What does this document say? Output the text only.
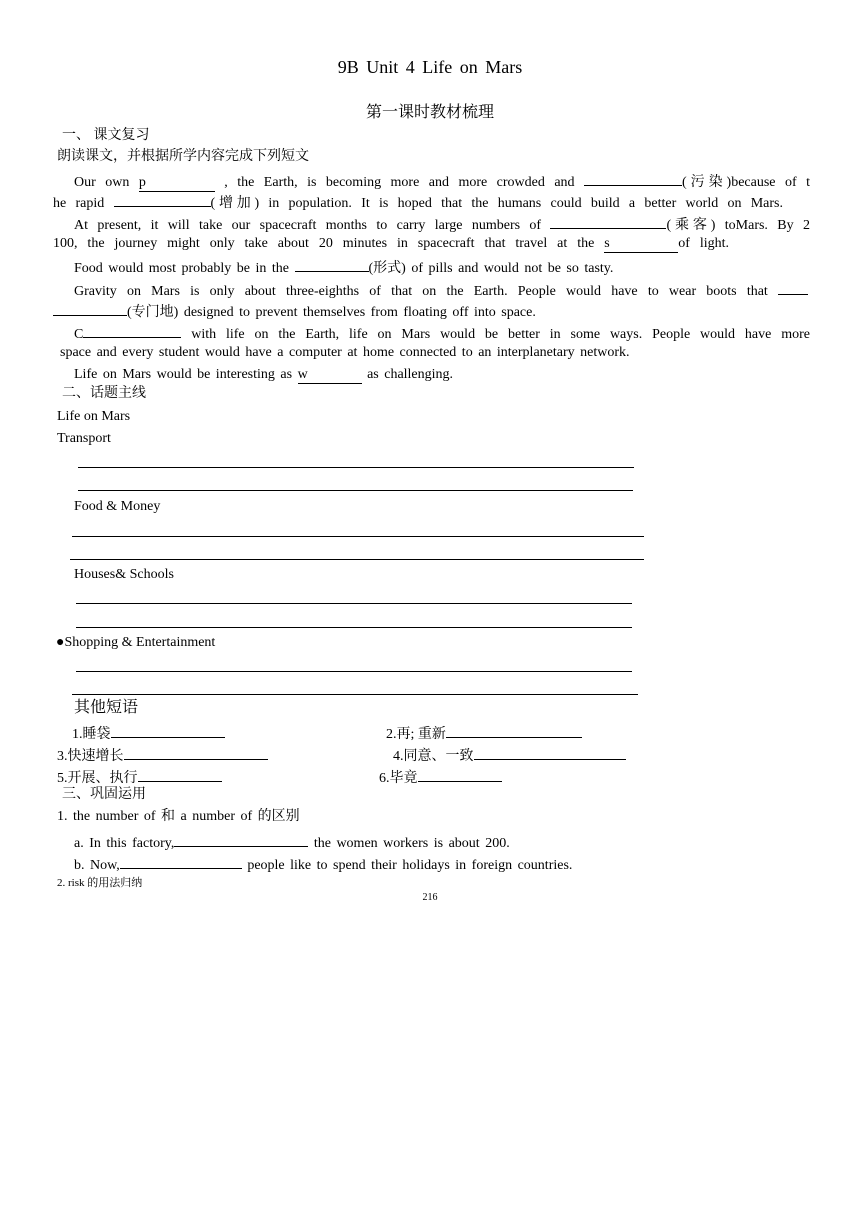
9B Unit 4 Life on Mars
第一课时教材梳理
一、 课文复习
朗读课文，并根据所学内容完成下列短文
Our own p	, the Earth, is becoming more and more crowded and	(污染)because of t
he rapid	(增加) in population. It is hoped that the humans could build a better world on Mars.
At present, it will take our spacecraft months to carry large numbers of	(乘客) toMars. By 2
100, the journey might only take about 20 minutes in spacecraft that travel at the s	of light.
Food would most probably be in the	(形式) of pills and would not be so tasty.
Gravity on Mars is only about three-eighths of that on the Earth. People would have to wear boots that
(专门地) designed to prevent themselves from floating off into space.
C	with life on the Earth, life on Mars would be better in some ways. People would have more
space and every student would have a computer at home connected to an interplanetary network.
Life on Mars would be interesting as w	as challenging.
二、话题主线
Life on Mars
Transport
Food & Money
Houses& Schools
●Shopping & Entertainment
其他短语
1.睡袋	2.再; 重新
3.快速增长	4.同意、一致
5.开展、执行	6.毕竟
三、巩固运用
1. the number of 和 a number of 的区别
a. In this factory,	the women workers is about 200.
b. Now,	people like to spend their holidays in foreign countries.
2. risk 的用法归纳
216
